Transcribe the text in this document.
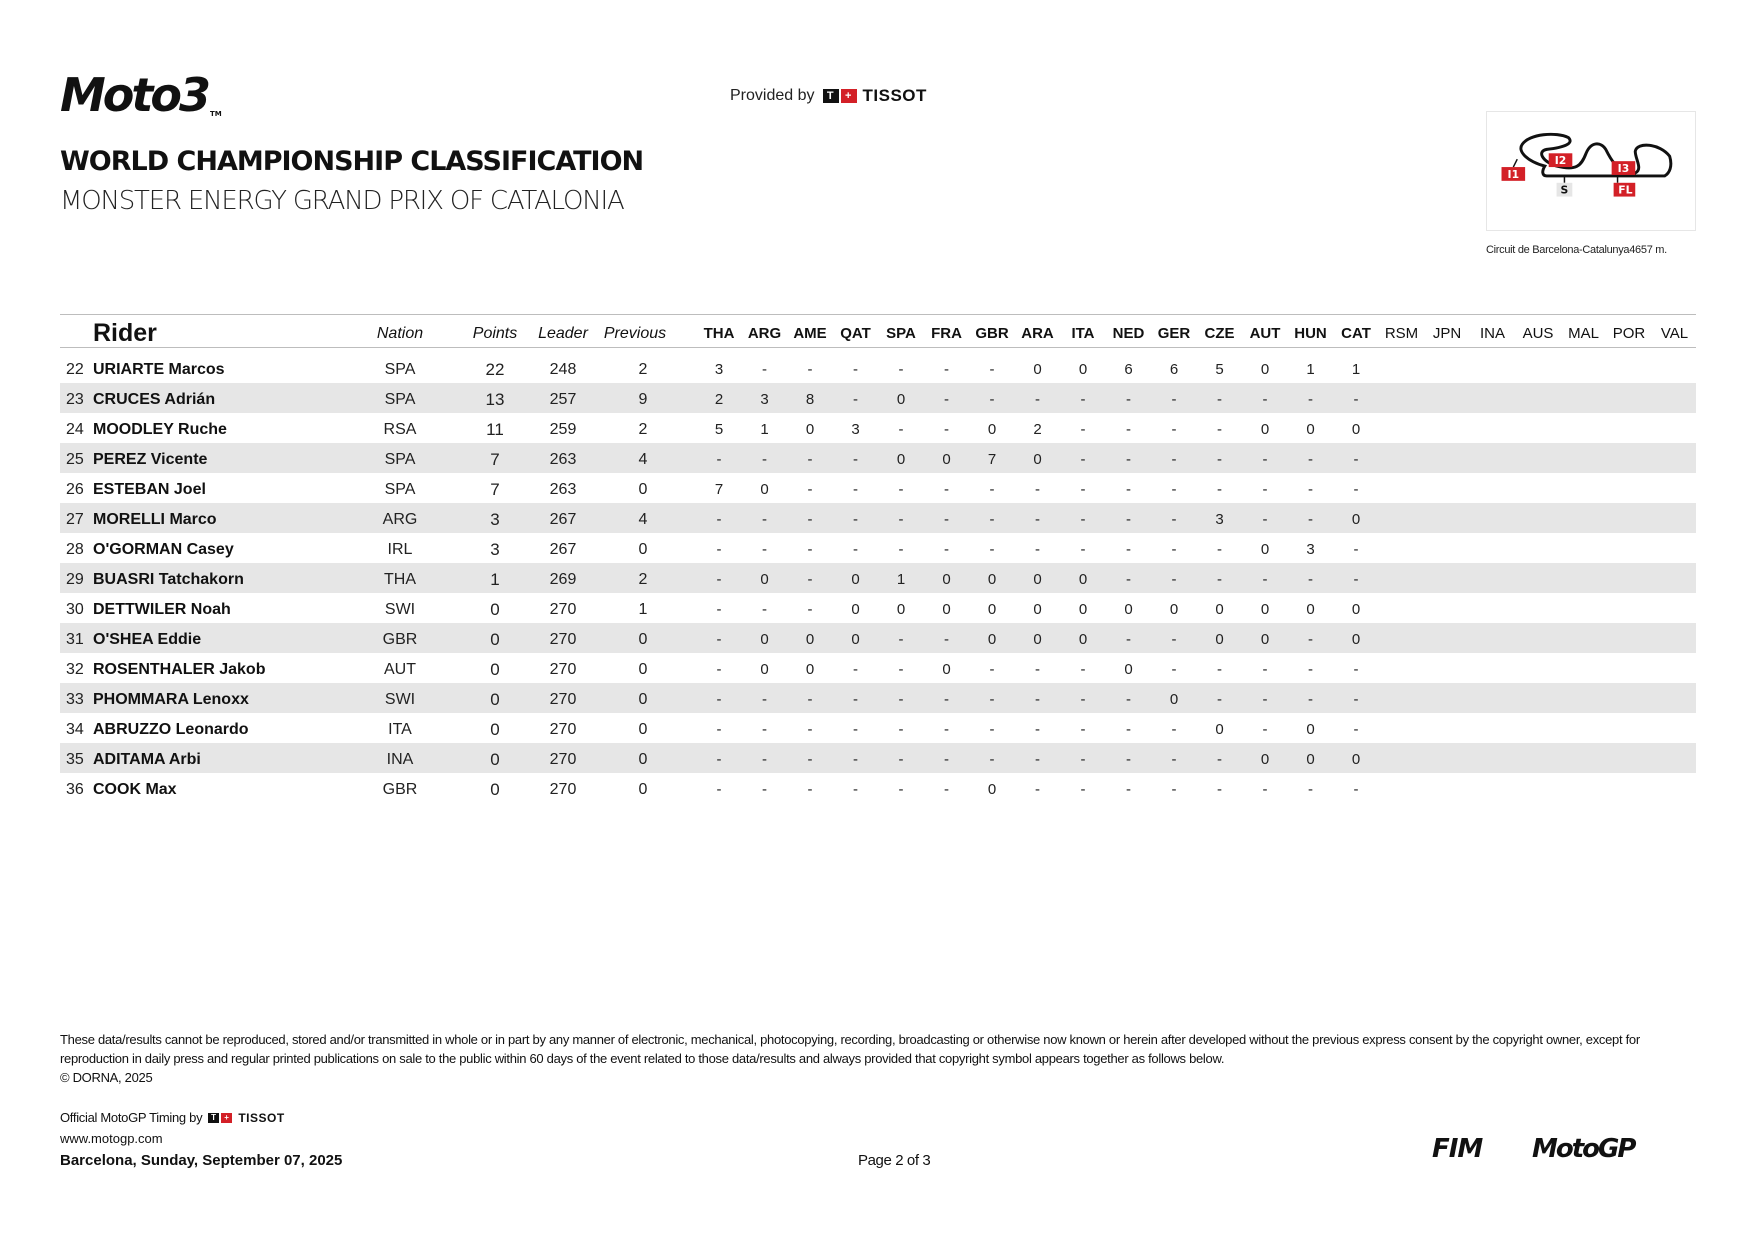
Moto3 TM
Provided by	T + TISSOT
WORLD CHAMPIONSHIP CLASSIFICATION
MONSTER ENERGY GRAND PRIX OF CATALONIA
I1
I2
I3
S	FL
Circuit de Barcelona-Catalunya4657 m.
Rider	Nation	Points	Leader Previous	THA ARG AME QAT	SPA	FRA GBR ARA	ITA	NED GER CZE	AUT HUN CAT RSM JPN	INA	AUS MAL POR	VAL
22 URIARTE Marcos	SPA	22	248	2	3	-	-	-	-	-	-	0	0	6	6	5	0	1	1
23 CRUCES Adrián	SPA	13	257	9	2	3	8	-	0	-	-	-	-	-	-	-	-	-	-
24 MOODLEY Ruche	RSA	11	259	2	5	1	0	3	-	-	0	2	-	-	-	-	0	0	0
25 PEREZ Vicente	SPA	7	263	4	-	-	-	-	0	0	7	0	-	-	-	-	-	-	-
26 ESTEBAN Joel	SPA	7	263	0	7	0	-	-	-	-	-	-	-	-	-	-	-	-	-
27 MORELLI Marco	ARG	3	267	4	-	-	-	-	-	-	-	-	-	-	-	3	-	-	0
28 O'GORMAN Casey	IRL	3	267	0	-	-	-	-	-	-	-	-	-	-	-	-	0	3	-
29 BUASRI Tatchakorn	THA	1	269	2	-	0	-	0	1	0	0	0	0	-	-	-	-	-	-
30 DETTWILER Noah	SWI	0	270	1	-	-	-	0	0	0	0	0	0	0	0	0	0	0	0
31 O'SHEA Eddie	GBR	0	270	0	-	0	0	0	-	-	0	0	0	-	-	0	0	-	0
32 ROSENTHALER Jakob	AUT	0	270	0	-	0	0	-	-	0	-	-	-	0	-	-	-	-	-
33 PHOMMARA Lenoxx	SWI	0	270	0	-	-	-	-	-	-	-	-	-	-	0	-	-	-	-
34 ABRUZZO Leonardo	ITA	0	270	0	-	-	-	-	-	-	-	-	-	-	-	0	-	0	-
35 ADITAMA Arbi	INA	0	270	0	-	-	-	-	-	-	-	-	-	-	-	-	0	0	0
36 COOK Max	GBR	0	270	0	-	-	-	-	-	-	0	-	-	-	-	-	-	-	-
These data/results cannot be reproduced, stored and/or transmitted in whole or in part by any manner of electronic, mechanical, photocopying, recording, broadcasting or otherwise now known or herein after developed without the previous express consent by the copyright owner, except for reproduction in daily press and regular printed publications on sale to the public within 60 days of the event related to those data/results and always provided that copyright symbol appears together as follows below.
© DORNA, 2025
Official MotoGP Timing by	T + TISSOT
www.motogp.com
Barcelona, Sunday, September 07, 2025	Page 2 of 3	FIM MotoGP
